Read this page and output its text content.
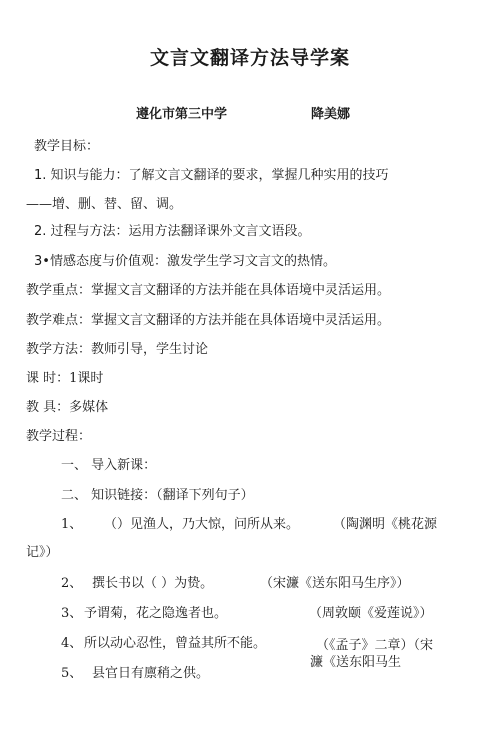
文言文翻译方法导学案
遵化市第三中学	降美娜
教学目标：
1. 知识与能力：了解文言文翻译的要求，掌握几种实用的技巧
——增、删、替、留、调。
2. 过程与方法：运用方法翻译课外文言文语段。
3•情感态度与价值观：激发学生学习文言文的热情。
教学重点：掌握文言文翻译的方法并能在具体语境中灵活运用。
教学难点：掌握文言文翻译的方法并能在具体语境中灵活运用。
教学方法：教师引导，学生讨论
课 时：1课时
教 具：多媒体
教学过程：
一、 导入新课：
二、 知识链接：（翻译下列句子）
1、 （）见渔人，乃大惊，问所从来。	（陶渊明《桃花源
记》）
2、 撰长书以（ ）为贽。	（宋濂《送东阳马生序》）
3、 予谓菊，花之隐逸者也。	（周敦颐《爱莲说》）
4、 所以动心忍性，曾益其所不能。	（《孟子》二章）（宋
濂《送东阳马生
5、 县官日有廪稍之供。
